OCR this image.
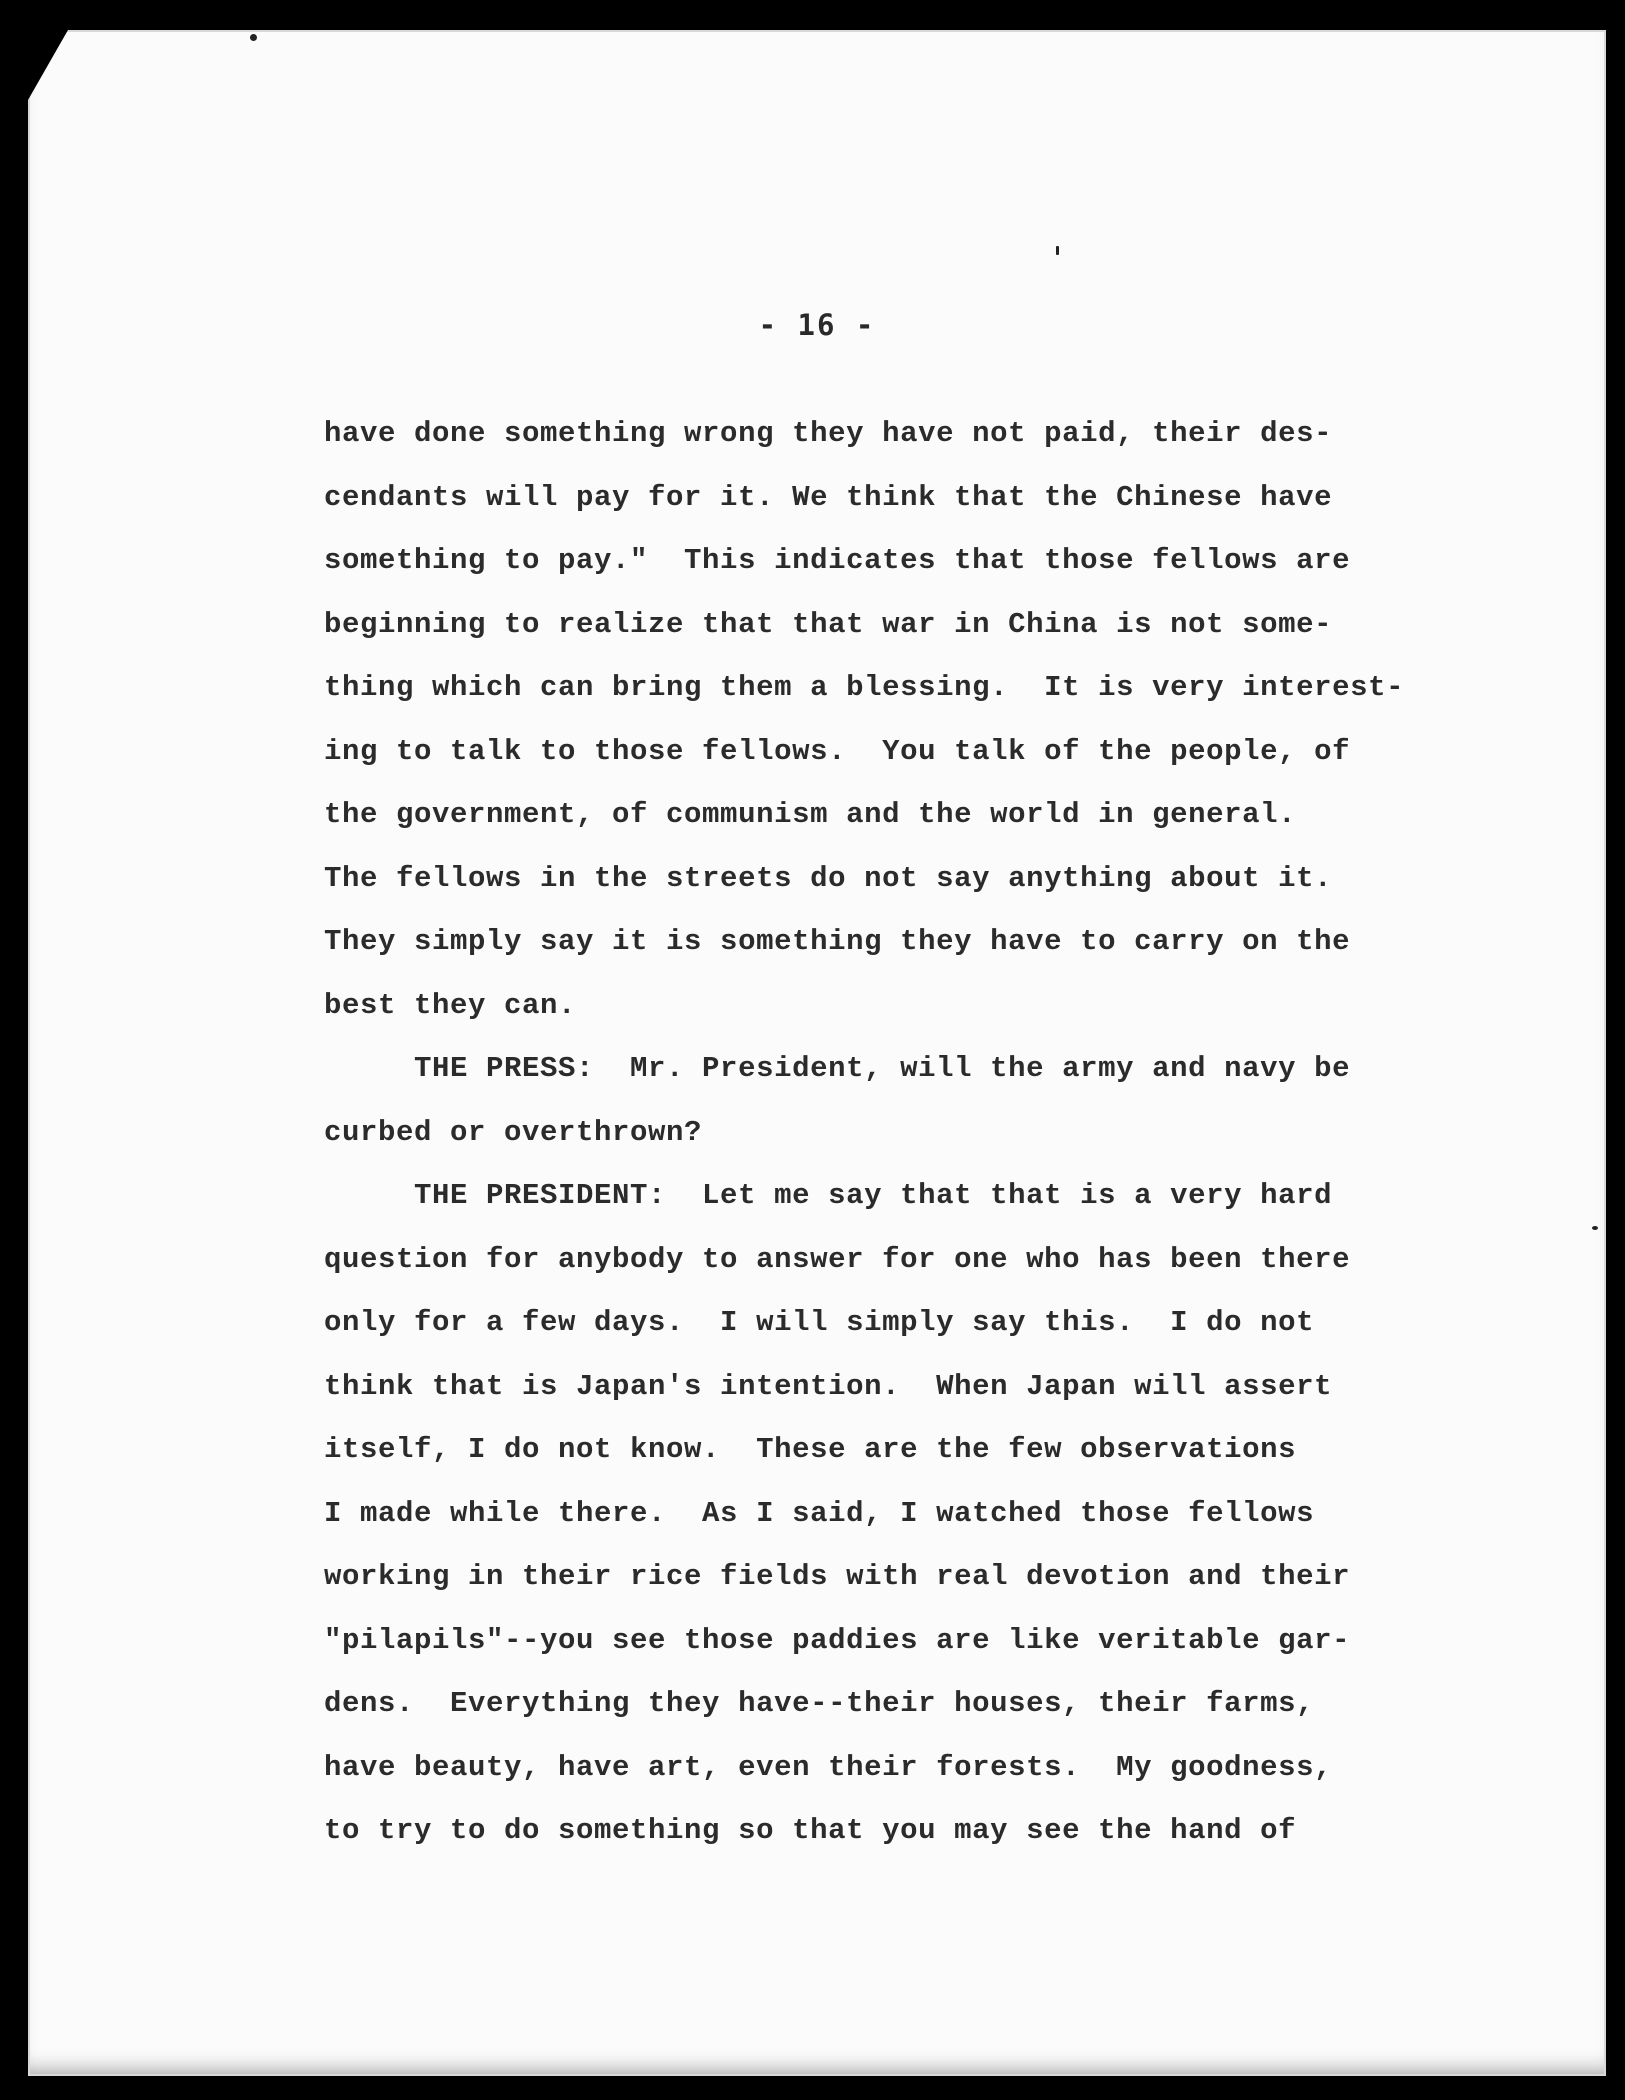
- 16 -
have done something wrong they have not paid, their des-
cendants will pay for it. We think that the Chinese have
something to pay."  This indicates that those fellows are
beginning to realize that that war in China is not some-
thing which can bring them a blessing.  It is very interest-
ing to talk to those fellows.  You talk of the people, of
the government, of communism and the world in general.
The fellows in the streets do not say anything about it.
They simply say it is something they have to carry on the
best they can.
THE PRESS:  Mr. President, will the army and navy be
curbed or overthrown?
THE PRESIDENT:  Let me say that that is a very hard
question for anybody to answer for one who has been there
only for a few days.  I will simply say this.  I do not
think that is Japan's intention.  When Japan will assert
itself, I do not know.  These are the few observations
I made while there.  As I said, I watched those fellows
working in their rice fields with real devotion and their
"pilapils"--you see those paddies are like veritable gar-
dens.  Everything they have--their houses, their farms,
have beauty, have art, even their forests.  My goodness,
to try to do something so that you may see the hand of
